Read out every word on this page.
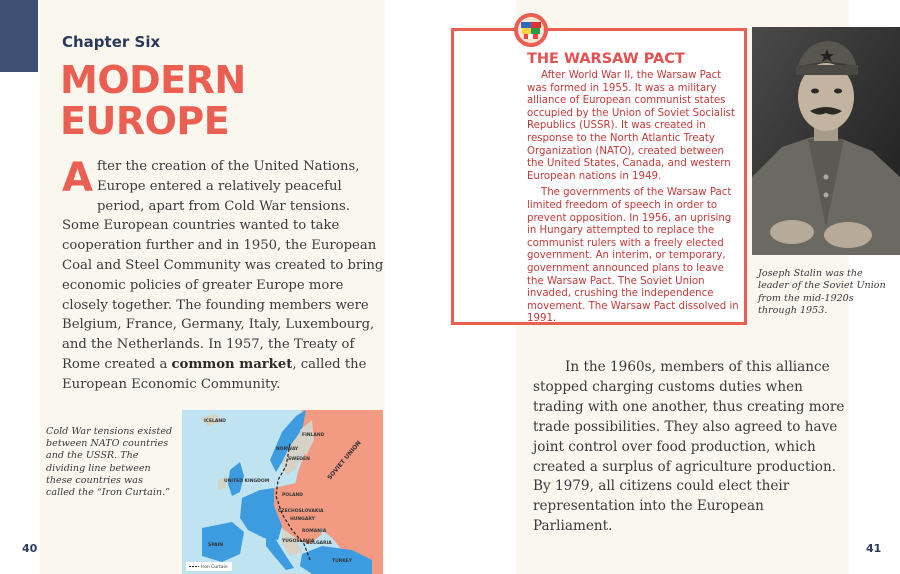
Chapter Six
MODERN
EUROPE
After the creation of the United Nations, Europe entered a relatively peaceful period, apart from Cold War tensions. Some European countries wanted to take cooperation further and in 1950, the European Coal and Steel Community was created to bring economic policies of greater Europe more closely together. The founding members were Belgium, France, Germany, Italy, Luxembourg, and the Netherlands. In 1957, the Treaty of Rome created a common market, called the European Economic Community.
Cold War tensions existed between NATO countries and the USSR. The dividing line between these countries was called the “Iron Curtain.”
ICELAND
NORWAY
SWEDEN
FINLAND
UNITED KINGDOM
POLAND
SOVIET UNION
CZECHOSLOVAKIA
HUNGARY
ROMANIA
BULGARIA
YUGOSLAVIA
SPAIN
TURKEY
Iron Curtain
40
THE WARSAW PACT

After World War II, the Warsaw Pact was formed in 1955. It was a military alliance of European communist states occupied by the Union of Soviet Socialist Republics (USSR). It was created in response to the North Atlantic Treaty Organization (NATO), created between the United States, Canada, and western European nations in 1949.

The governments of the Warsaw Pact limited freedom of speech in order to prevent opposition. In 1956, an uprising in Hungary attempted to replace the communist rulers with a freely elected government. An interim, or temporary, government announced plans to leave the Warsaw Pact. The Soviet Union invaded, crushing the independence movement. The Warsaw Pact dissolved in 1991.

Joseph Stalin was the leader of the Soviet Union from the mid-1920s through 1953.

In the 1960s, members of this alliance stopped charging customs duties when trading with one another, thus creating more trade possibilities. They also agreed to have joint control over food production, which created a surplus of agriculture production. By 1979, all citizens could elect their representation into the European Parliament.

41
